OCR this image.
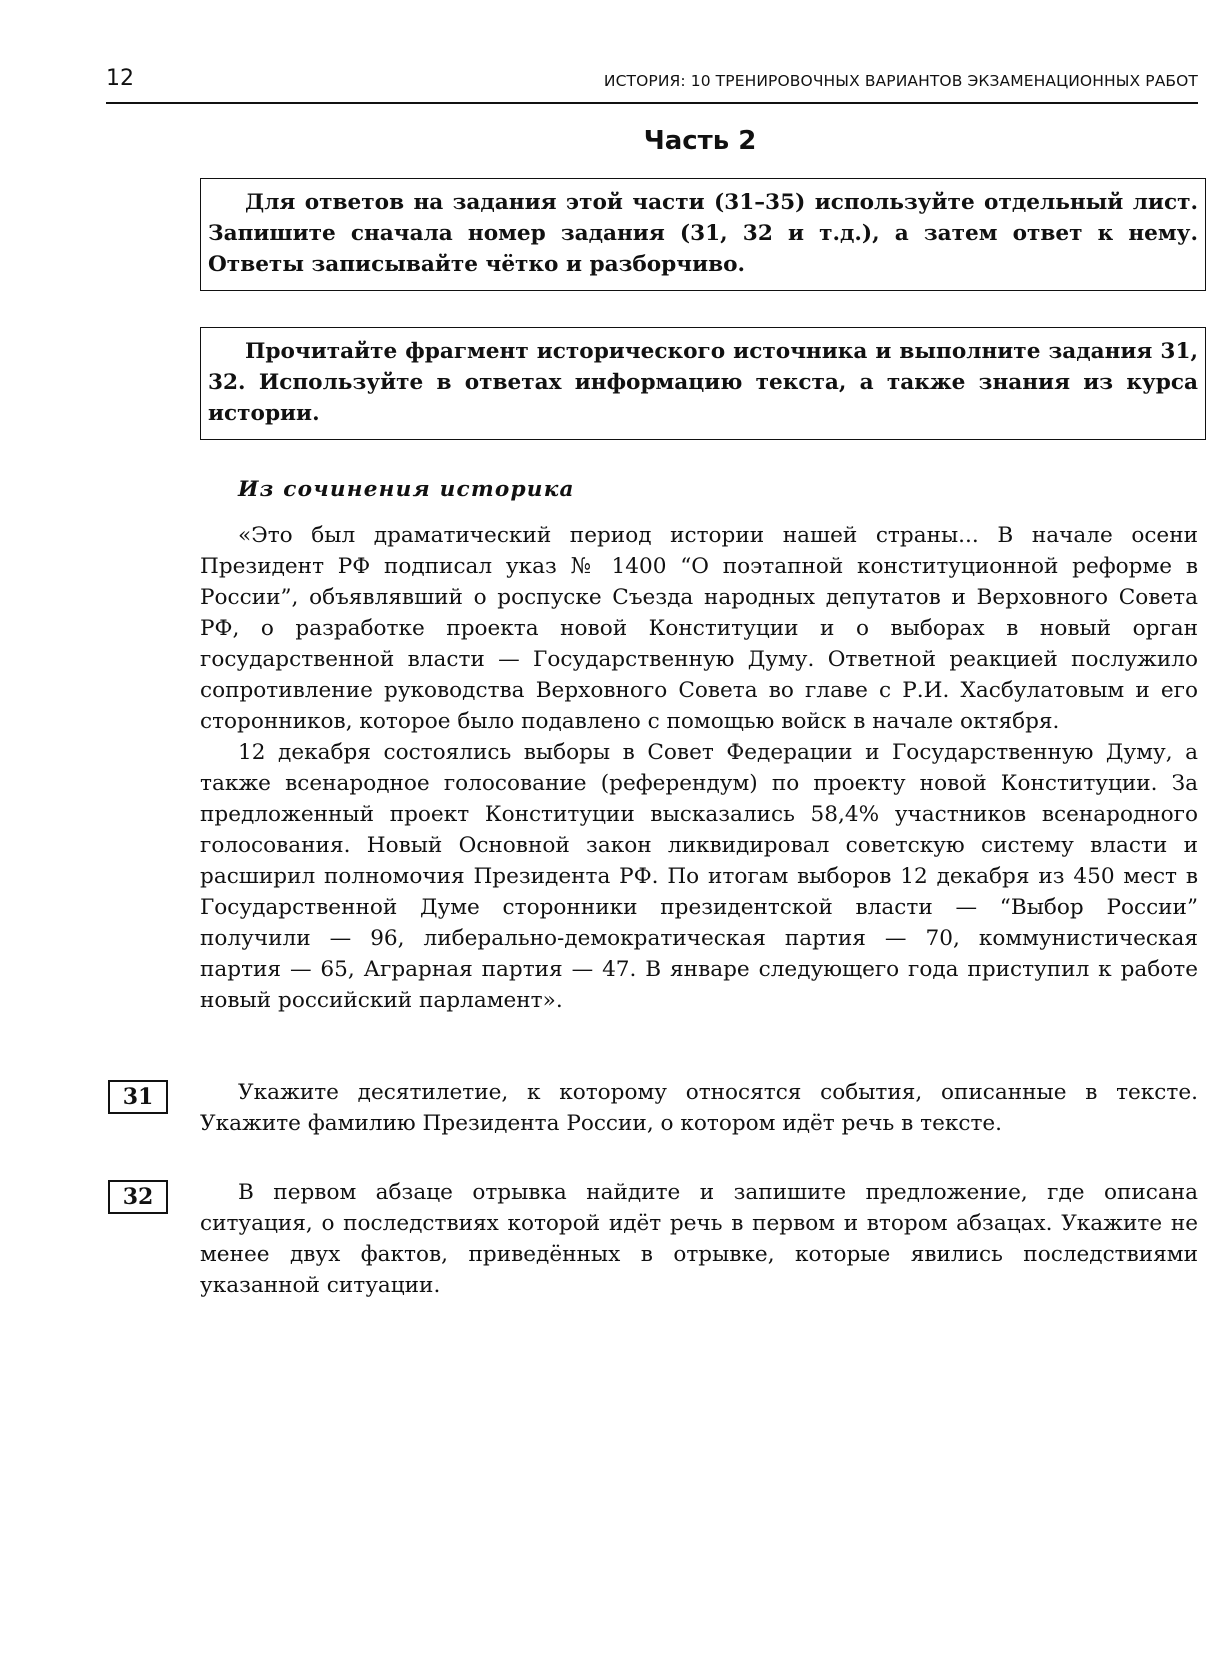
12	ИСТОРИЯ: 10 ТРЕНИРОВОЧНЫХ ВАРИАНТОВ ЭКЗАМЕНАЦИОННЫХ РАБОТ
Часть 2
Для ответов на задания этой части (31–35) используйте отдельный лист. Запишите сначала номер задания (31, 32 и т.д.), а затем ответ к нему. Ответы записывайте чётко и разборчиво.
Прочитайте фрагмент исторического источника и выполните задания 31, 32. Используйте в ответах информацию текста, а также знания из курса истории.
Из сочинения историка

«Это был драматический период истории нашей страны... В начале осени Президент РФ подписал указ № 1400 “О поэтапной конституционной реформе в России”, объявлявший о роспуске Съезда народных депутатов и Верховного Совета РФ, о разработке проекта новой Конституции и о выборах в новый орган государственной власти — Государственную Думу. Ответной реакцией послужило сопротивление руководства Верховного Совета во главе с Р.И. Хасбулатовым и его сторонников, которое было подавлено с помощью войск в начале октября.

12 декабря состоялись выборы в Совет Федерации и Государственную Думу, а также всенародное голосование (референдум) по проекту новой Конституции. За предложенный проект Конституции высказались 58,4% участников всенародного голосования. Новый Основной закон ликвидировал советскую систему власти и расширил полномочия Президента РФ. По итогам выборов 12 декабря из 450 мест в Государственной Думе сторонники президентской власти — “Выбор России” получили — 96, либерально-демократическая партия — 70, коммунистическая партия — 65, Аграрная партия — 47. В январе следующего года приступил к работе новый российский парламент».

31	Укажите десятилетие, к которому относятся события, описанные в тексте. Укажите фамилию Президента России, о котором идёт речь в тексте.

32	В первом абзаце отрывка найдите и запишите предложение, где описана ситуация, о последствиях которой идёт речь в первом и втором абзацах. Укажите не менее двух фактов, приведённых в отрывке, которые явились последствиями указанной ситуации.
